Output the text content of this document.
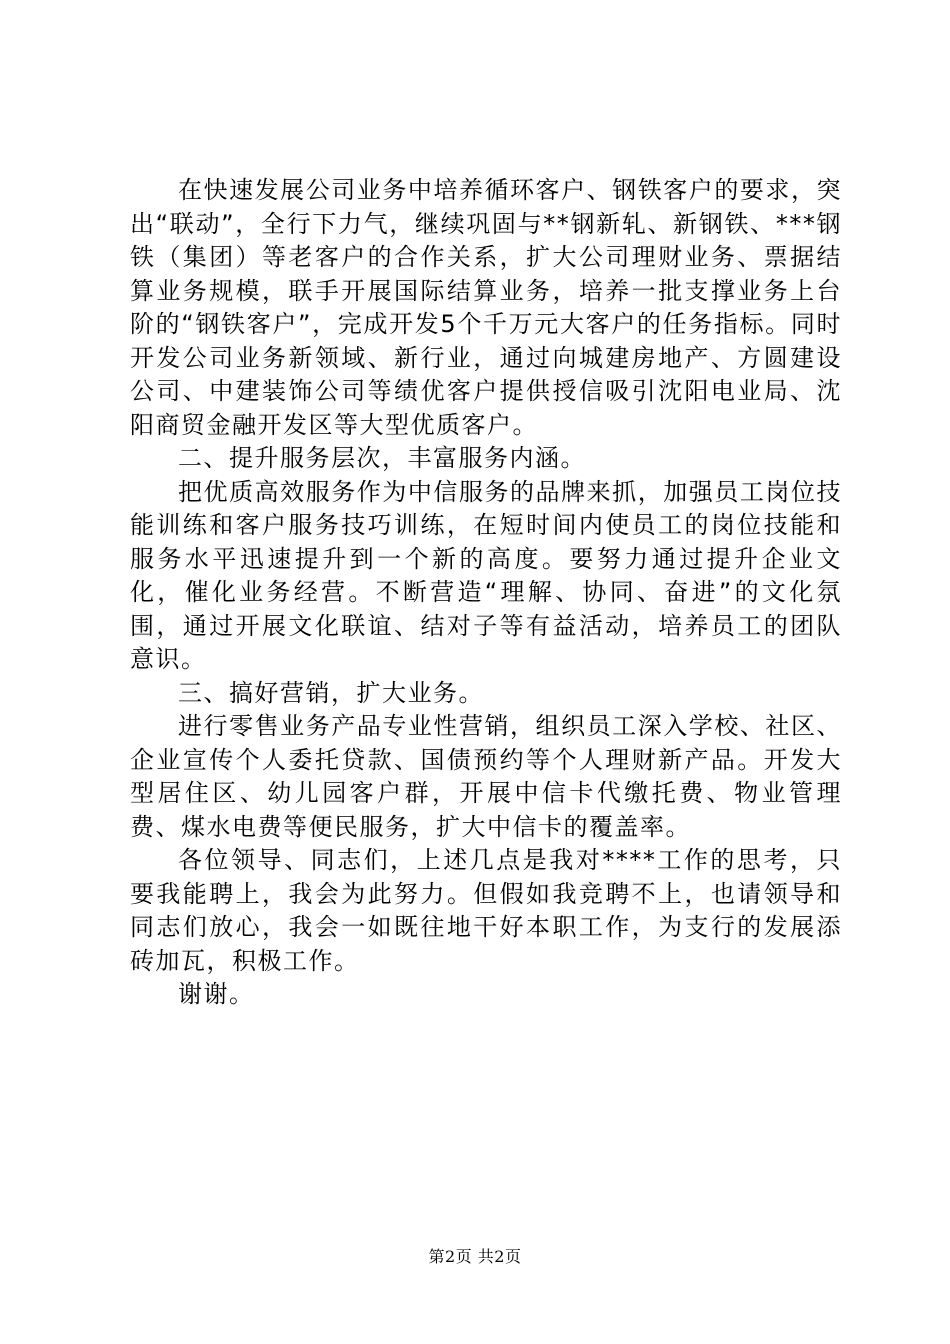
在快速发展公司业务中培养循环客户、钢铁客户的要求，突出“联动”，全行下力气，继续巩固与**钢新轧、新钢铁、***钢铁（集团）等老客户的合作关系，扩大公司理财业务、票据结算业务规模，联手开展国际结算业务，培养一批支撑业务上台阶的“钢铁客户”，完成开发5个千万元大客户的任务指标。同时开发公司业务新领域、新行业，通过向城建房地产、方圆建设公司、中建装饰公司等绩优客户提供授信吸引沈阳电业局、沈阳商贸金融开发区等大型优质客户。

二、提升服务层次，丰富服务内涵。

把优质高效服务作为中信服务的品牌来抓，加强员工岗位技能训练和客户服务技巧训练，在短时间内使员工的岗位技能和服务水平迅速提升到一个新的高度。要努力通过提升企业文化，催化业务经营。不断营造“理解、协同、奋进”的文化氛围，通过开展文化联谊、结对子等有益活动，培养员工的团队意识。

三、搞好营销，扩大业务。

进行零售业务产品专业性营销，组织员工深入学校、社区、企业宣传个人委托贷款、国债预约等个人理财新产品。开发大型居住区、幼儿园客户群，开展中信卡代缴托费、物业管理费、煤水电费等便民服务，扩大中信卡的覆盖率。

各位领导、同志们，上述几点是我对****工作的思考，只要我能聘上，我会为此努力。但假如我竞聘不上，也请领导和同志们放心，我会一如既往地干好本职工作，为支行的发展添砖加瓦，积极工作。

谢谢。

第2页 共2页
